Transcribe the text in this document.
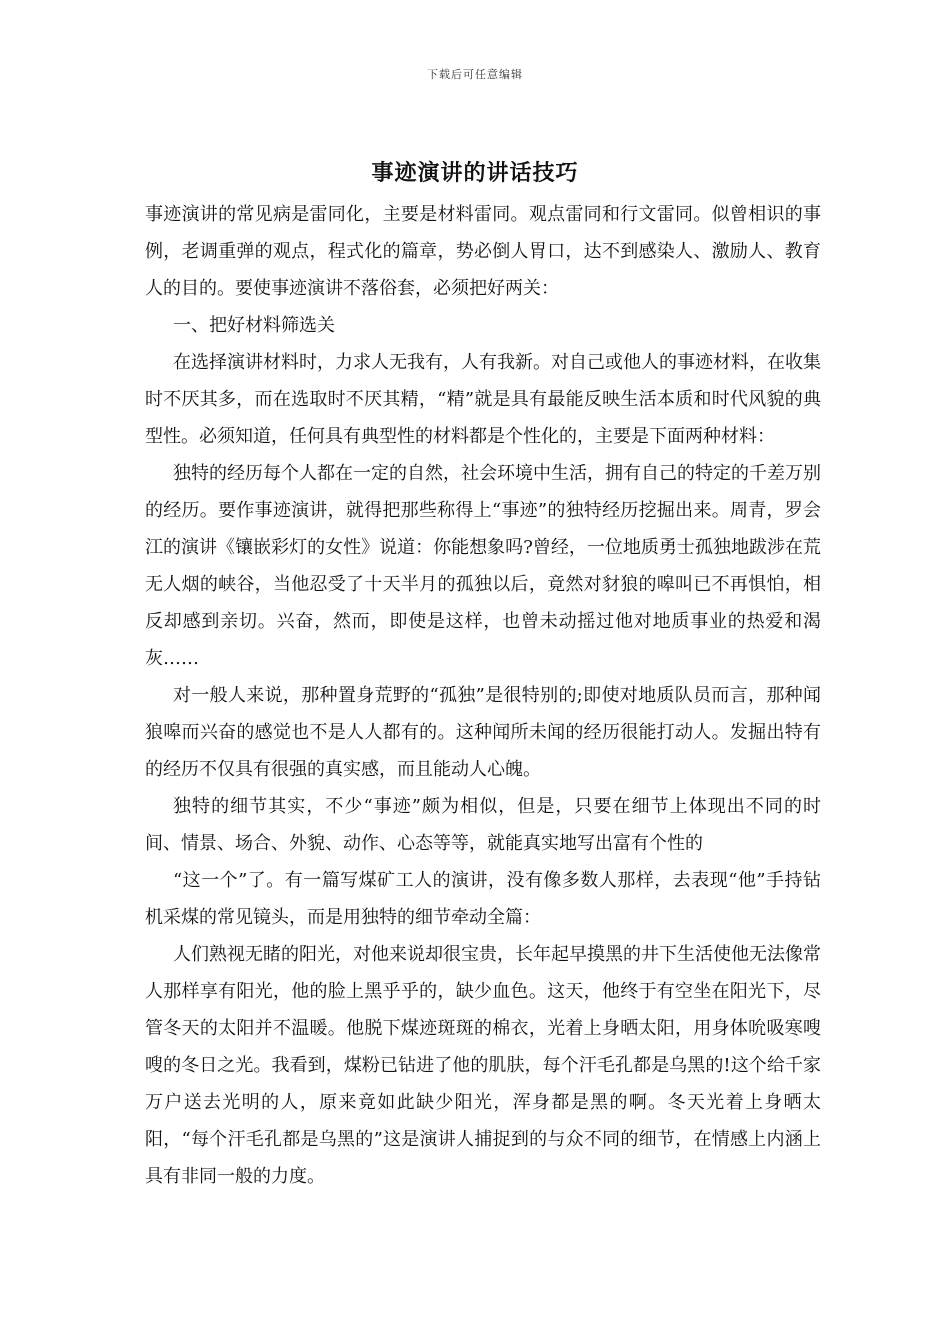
下载后可任意编辑
事迹演讲的讲话技巧

事迹演讲的常见病是雷同化，主要是材料雷同。观点雷同和行文雷同。似曾相识的事例，老调重弹的观点，程式化的篇章，势必倒人胃口，达不到感染人、激励人、教育人的目的。要使事迹演讲不落俗套，必须把好两关：

一、把好材料筛选关

在选择演讲材料时，力求人无我有，人有我新。对自己或他人的事迹材料，在收集时不厌其多，而在选取时不厌其精，“精”就是具有最能反映生活本质和时代风貌的典型性。必须知道，任何具有典型性的材料都是个性化的，主要是下面两种材料：

独特的经历每个人都在一定的自然，社会环境中生活，拥有自己的特定的千差万别的经历。要作事迹演讲，就得把那些称得上“事迹”的独特经历挖掘出来。周青，罗会江的演讲《镶嵌彩灯的女性》说道：你能想象吗?曾经，一位地质勇士孤独地跋涉在荒无人烟的峡谷，当他忍受了十天半月的孤独以后，竟然对豺狼的嗥叫已不再惧怕，相反却感到亲切。兴奋，然而，即使是这样，也曾未动摇过他对地质事业的热爱和渴灰……

对一般人来说，那种置身荒野的“孤独”是很特别的;即使对地质队员而言，那种闻狼嗥而兴奋的感觉也不是人人都有的。这种闻所未闻的经历很能打动人。发掘出特有的经历不仅具有很强的真实感，而且能动人心魄。

独特的细节其实，不少“事迹”颇为相似，但是，只要在细节上体现出不同的时间、情景、场合、外貌、动作、心态等等，就能真实地写出富有个性的

“这一个”了。有一篇写煤矿工人的演讲，没有像多数人那样，去表现“他”手持钻机采煤的常见镜头，而是用独特的细节牵动全篇：

人们熟视无睹的阳光，对他来说却很宝贵，长年起早摸黑的井下生活使他无法像常人那样享有阳光，他的脸上黑乎乎的，缺少血色。这天，他终于有空坐在阳光下，尽管冬天的太阳并不温暖。他脱下煤迹斑斑的棉衣，光着上身晒太阳，用身体吮吸寒嗖嗖的冬日之光。我看到，煤粉已钻进了他的肌肤，每个汗毛孔都是乌黑的!这个给千家万户送去光明的人，原来竟如此缺少阳光，浑身都是黑的啊。冬天光着上身晒太阳，“每个汗毛孔都是乌黑的”这是演讲人捕捉到的与众不同的细节，在情感上内涵上具有非同一般的力度。
